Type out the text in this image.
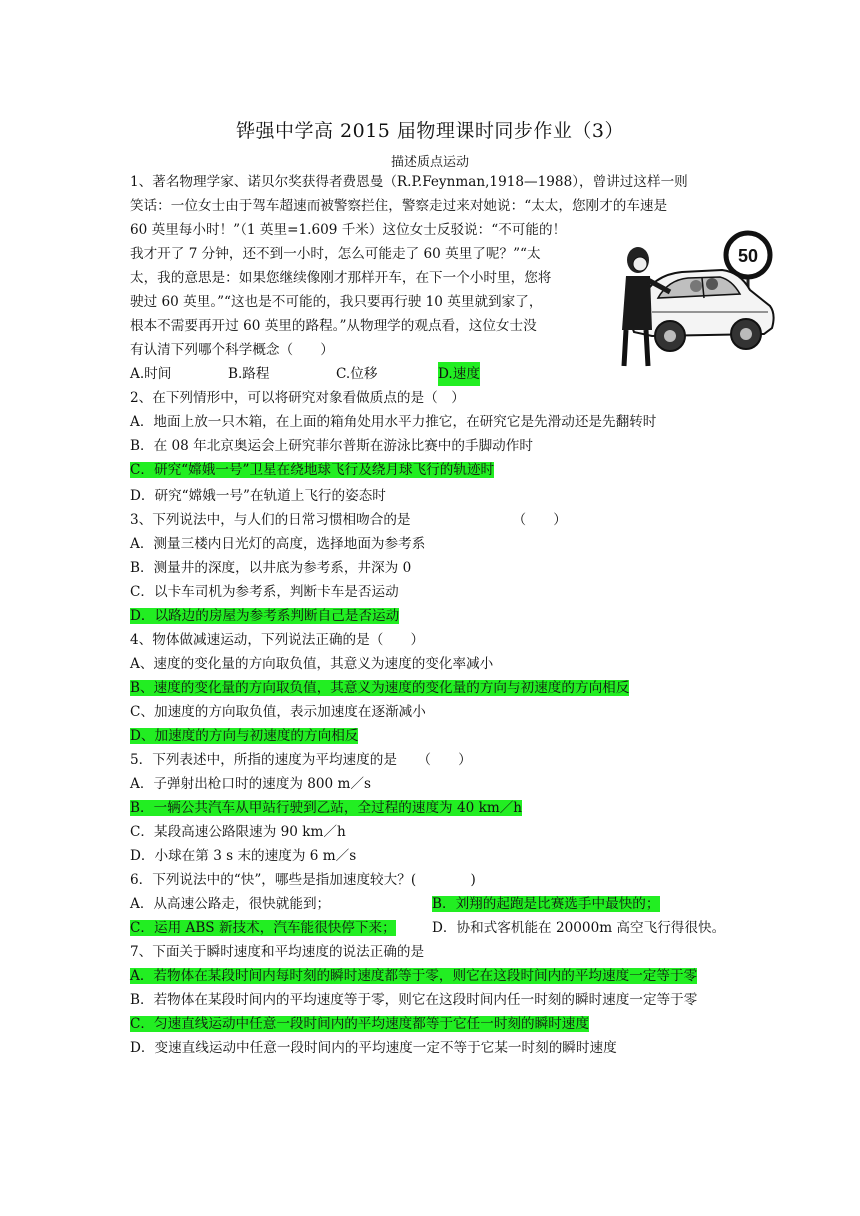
铧强中学高 2015 届物理课时同步作业（3）
描述质点运动
50
1、著名物理学家、诺贝尔奖获得者费恩曼（R.P.Feynman,1918—1988），曾讲过这样一则
笑话：一位女士由于驾车超速而被警察拦住，警察走过来对她说：“太太，您刚才的车速是
60 英里每小时！”（1 英里=1.609 千米）这位女士反驳说：“不可能的！
我才开了 7 分钟，还不到一小时，怎么可能走了 60 英里了呢？”“太
太，我的意思是：如果您继续像刚才那样开车，在下一个小时里，您将
驶过 60 英里。”“这也是不可能的，我只要再行驶 10 英里就到家了，
根本不需要再开过 60 英里的路程。”从物理学的观点看，这位女士没
有认清下列哪个科学概念（　　）
A.时间	B.路程	C.位移	D.速度
2、在下列情形中，可以将研究对象看做质点的是（　）
A．地面上放一只木箱，在上面的箱角处用水平力推它，在研究它是先滑动还是先翻转时
B．在 08 年北京奥运会上研究菲尔普斯在游泳比赛中的手脚动作时
C．研究“嫦娥一号”卫星在绕地球飞行及绕月球飞行的轨迹时
D．研究“嫦娥一号”在轨道上飞行的姿态时
3、下列说法中，与人们的日常习惯相吻合的是　　　　　　　　（　　）
A．测量三楼内日光灯的高度，选择地面为参考系
B．测量井的深度，以井底为参考系，井深为 0
C．以卡车司机为参考系，判断卡车是否运动
D．以路边的房屋为参考系判断自己是否运动
4、物体做减速运动，下列说法正确的是（　　）
A、速度的变化量的方向取负值，其意义为速度的变化率减小
B、速度的变化量的方向取负值，其意义为速度的变化量的方向与初速度的方向相反
C、加速度的方向取负值，表示加速度在逐渐减小
D、加速度的方向与初速度的方向相反
5．下列表述中，所指的速度为平均速度的是　　（　　）
A．子弹射出枪口时的速度为 800 m／s
B．一辆公共汽车从甲站行驶到乙站，全过程的速度为 40 km／h
C．某段高速公路限速为 90 km／h
D．小球在第 3 s 末的速度为 6 m／s
6．下列说法中的“快”，哪些是指加速度较大？(　　　　)
A．从高速公路走，很快就能到；	B．刘翔的起跑是比赛选手中最快的；
C．运用 ABS 新技术，汽车能很快停下来；	D．协和式客机能在 20000m 高空飞行得很快。
7、下面关于瞬时速度和平均速度的说法正确的是
A．若物体在某段时间内每时刻的瞬时速度都等于零，则它在这段时间内的平均速度一定等于零
B．若物体在某段时间内的平均速度等于零，则它在这段时间内任一时刻的瞬时速度一定等于零
C．匀速直线运动中任意一段时间内的平均速度都等于它任一时刻的瞬时速度
D．变速直线运动中任意一段时间内的平均速度一定不等于它某一时刻的瞬时速度
